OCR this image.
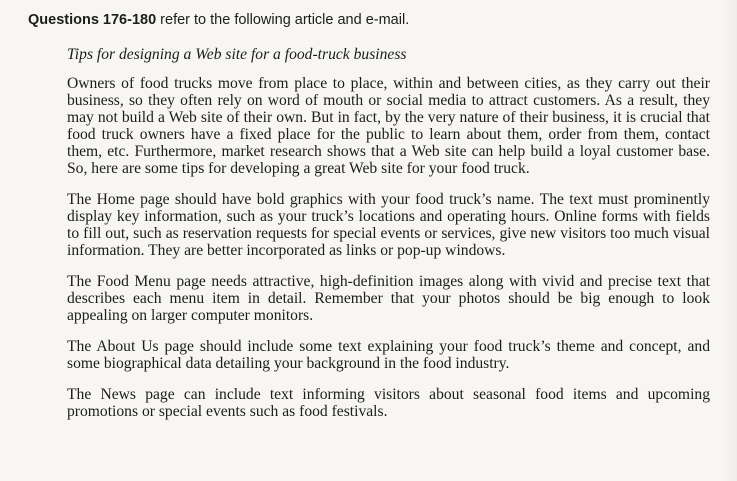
Questions 176-180 refer to the following article and e-mail.
Tips for designing a Web site for a food-truck business

Owners of food trucks move from place to place, within and between cities, as they carry out their business, so they often rely on word of mouth or social media to attract customers. As a result, they may not build a Web site of their own. But in fact, by the very nature of their business, it is crucial that food truck owners have a fixed place for the public to learn about them, order from them, contact them, etc. Furthermore, market research shows that a Web site can help build a loyal customer base. So, here are some tips for developing a great Web site for your food truck.

The Home page should have bold graphics with your food truck’s name. The text must prominently display key information, such as your truck’s locations and operating hours. Online forms with fields to fill out, such as reservation requests for special events or services, give new visitors too much visual information. They are better incorporated as links or pop-up windows.

The Food Menu page needs attractive, high-definition images along with vivid and precise text that describes each menu item in detail. Remember that your photos should be big enough to look appealing on larger computer monitors.

The About Us page should include some text explaining your food truck’s theme and concept, and some biographical data detailing your background in the food industry.

The News page can include text informing visitors about seasonal food items and upcoming promotions or special events such as food festivals.
